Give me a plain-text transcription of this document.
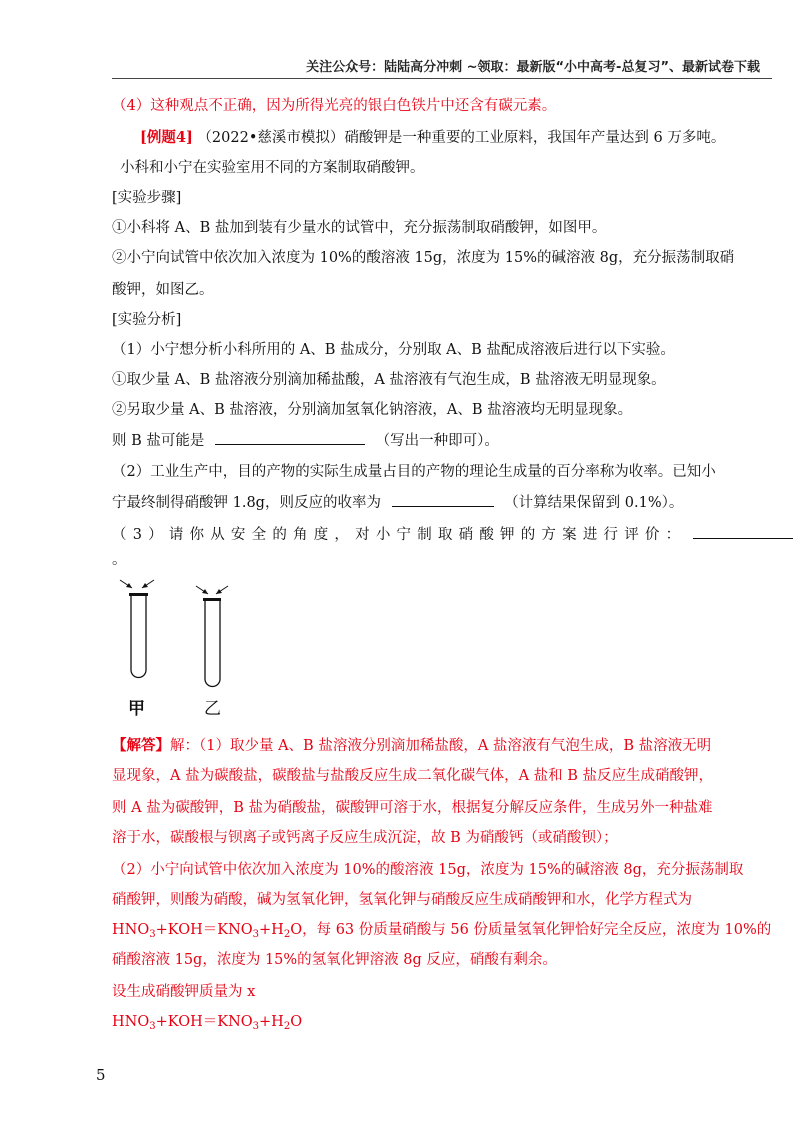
关注公众号：陆陆高分冲刺 ~领取：最新版“小中高考-总复习”、最新试卷下载
（4）这种观点不正确，因为所得光亮的银白色铁片中还含有碳元素。
[例题4] （2022•慈溪市模拟）硝酸钾是一种重要的工业原料，我国年产量达到 6 万多吨。
小科和小宁在实验室用不同的方案制取硝酸钾。
[实验步骤]
①小科将 A、B 盐加到装有少量水的试管中，充分振荡制取硝酸钾，如图甲。
②小宁向试管中依次加入浓度为 10%的酸溶液 15g，浓度为 15%的碱溶液 8g，充分振荡制取硝
酸钾，如图乙。
[实验分析]
（1）小宁想分析小科所用的 A、B 盐成分，分别取 A、B 盐配成溶液后进行以下实验。
①取少量 A、B 盐溶液分别滴加稀盐酸，A 盐溶液有气泡生成，B 盐溶液无明显现象。
②另取少量 A、B 盐溶液，分别滴加氢氧化钠溶液，A、B 盐溶液均无明显现象。
则 B 盐可能是	（写出一种即可）。
（2）工业生产中，目的产物的实际生成量占目的产物的理论生成量的百分率称为收率。已知小
宁最终制得硝酸钾 1.8g，则反应的收率为	（计算结果保留到 0.1%）。
（3）请你从安全的角度，对小宁制取硝酸钾的方案进行评价：
。
甲	乙
【解答】解：（1）取少量 A、B 盐溶液分别滴加稀盐酸，A 盐溶液有气泡生成，B 盐溶液无明
显现象，A 盐为碳酸盐，碳酸盐与盐酸反应生成二氧化碳气体，A 盐和 B 盐反应生成硝酸钾，
则 A 盐为碳酸钾，B 盐为硝酸盐，碳酸钾可溶于水，根据复分解反应条件，生成另外一种盐难
溶于水，碳酸根与钡离子或钙离子反应生成沉淀，故 B 为硝酸钙（或硝酸钡）；
（2）小宁向试管中依次加入浓度为 10%的酸溶液 15g，浓度为 15%的碱溶液 8g，充分振荡制取
硝酸钾，则酸为硝酸，碱为氢氧化钾，氢氧化钾与硝酸反应生成硝酸钾和水，化学方程式为
$HNO_3+KOH=KNO_3+H_2O$，每 63 份质量硝酸与 56 份质量氢氧化钾恰好完全反应，浓度为 10%的
硝酸溶液 15g，浓度为 15%的氢氧化钾溶液 8g 反应，硝酸有剩余。
设生成硝酸钾质量为 x
$HNO_3+KOH=KNO_3+H_2O$
5
